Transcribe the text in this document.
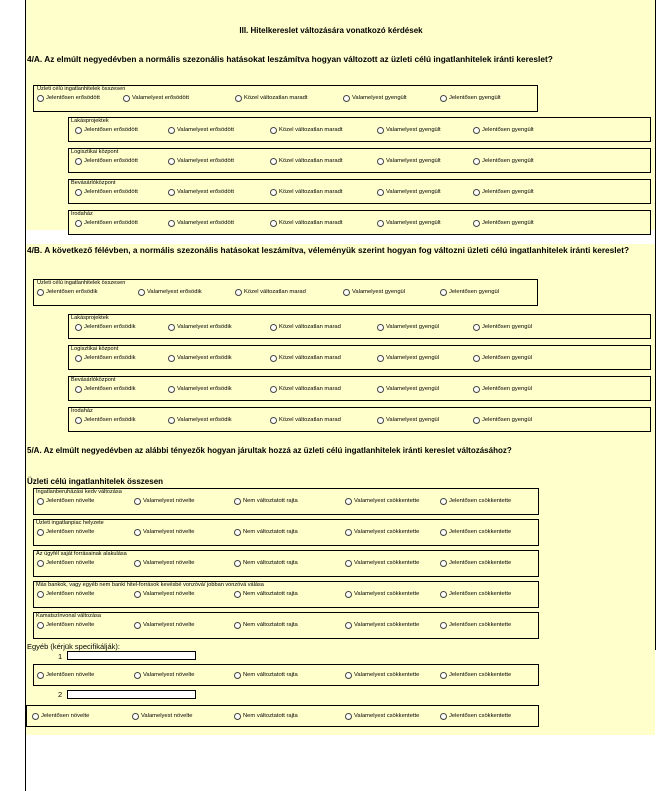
III. Hitelkereslet változására vonatkozó kérdések
4/A. Az elmúlt negyedévben a normális szezonális hatásokat leszámítva hogyan változott az üzleti célú ingatlanhitelek iránti kereslet?
Üzleti célú ingatlanhitelek összesen
Jelentősen erősödött	Valamelyest erősödött	Közel változatlan maradt	Valamelyest gyengült	Jelentősen gyengült
Lakásprojektek
Jelentősen erősödött	Valamelyest erősödött	Közel változatlan maradt	Valamelyest gyengült	Jelentősen gyengült
Logisztikai központ
Jelentősen erősödött	Valamelyest erősödött	Közel változatlan maradt	Valamelyest gyengült	Jelentősen gyengült
Bevásárlóközpont
Jelentősen erősödött	Valamelyest erősödött	Közel változatlan maradt	Valamelyest gyengült	Jelentősen gyengült
Irodaház
Jelentősen erősödött	Valamelyest erősödött	Közel változatlan maradt	Valamelyest gyengült	Jelentősen gyengült
4/B. A következő félévben, a normális szezonális hatásokat leszámítva, véleményük szerint hogyan fog változni üzleti célú ingatlanhitelek iránti kereslet?
Üzleti célú ingatlanhitelek összesen
Jelentősen erősödik	Valamelyest erősödik	Közel változatlan marad	Valamelyest gyengül	Jelentősen gyengül
Lakásprojektek
Jelentősen erősödik	Valamelyest erősödik	Közel változatlan marad	Valamelyest gyengül	Jelentősen gyengül
Logisztikai központ
Jelentősen erősödik	Valamelyest erősödik	Közel változatlan marad	Valamelyest gyengül	Jelentősen gyengül
Bevásárlóközpont
Jelentősen erősödik	Valamelyest erősödik	Közel változatlan marad	Valamelyest gyengül	Jelentősen gyengül
Irodaház
Jelentősen erősödik	Valamelyest erősödik	Közel változatlan marad	Valamelyest gyengül	Jelentősen gyengül
5/A. Az elmúlt negyedévben az alábbi tényezők hogyan járultak hozzá az üzleti célú ingatlanhitelek iránti kereslet változásához?
Üzleti célú ingatlanhitelek összesen
Ingatlanberuházási kedv változása
Jelentősen növelte	Valamelyest növelte	Nem változtatott rajta	Valamelyest csökkentette	Jelentősen csökkentette
Üzleti ingatlanpiac helyzete
Jelentősen növelte	Valamelyest növelte	Nem változtatott rajta	Valamelyest csökkentette	Jelentősen csökkentette
Az ügyfél saját forrásainak alakulása
Jelentősen növelte	Valamelyest növelte	Nem változtatott rajta	Valamelyest csökkentette	Jelentősen csökkentette
Más bankok, vagy egyéb nem banki hitel-források kevésbé vonzóvá/ jobban vonzóvá válása
Jelentősen növelte	Valamelyest növelte	Nem változtatott rajta	Valamelyest csökkentette	Jelentősen csökkentette
Kamatszínvonal változása
Jelentősen növelte	Valamelyest növelte	Nem változtatott rajta	Valamelyest csökkentette	Jelentősen csökkentette
Egyéb (kérjük specifikálják):
1
2
Jelentősen növelte	Valamelyest növelte	Nem változtatott rajta	Valamelyest csökkentette	Jelentősen csökkentette
Jelentősen növelte	Valamelyest növelte	Nem változtatott rajta	Valamelyest csökkentette	Jelentősen csökkentette
